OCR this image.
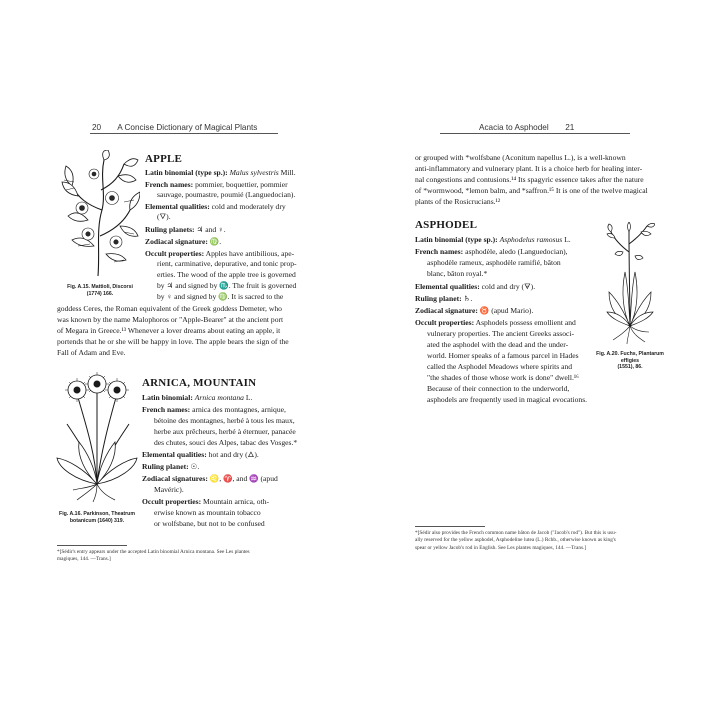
20 A Concise Dictionary of Magical Plants
Fig. A.15. Mattioli, Discorsi
(1774) 166.
APPLE
Latin binomial (type sp.): Malus sylvestris Mill.
French names: pommier, boquettier, pommier
sauvage, poumastre, poumié (Languedocian).
Elemental qualities: cold and moderately dry
(🜄).
Ruling planets: ♃ and ♀.
Zodiacal signature: ♍.
Occult properties: Apples have antibilious, ape-
rient, carminative, depurative, and tonic prop-
erties. The wood of the apple tree is governed
by ♃ and signed by ♏. The fruit is governed
by ♀ and signed by ♍. It is sacred to the
goddess Ceres, the Roman equivalent of the Greek goddess Demeter, who
was known by the name Malophoros or "Apple-Bearer" at the ancient port
of Megara in Greece.¹³ Whenever a lover dreams about eating an apple, it
portends that he or she will be happy in love. The apple bears the sign of the
Fall of Adam and Eve.
Fig. A.16. Parkinson, Theatrum
botanicum (1640) 319.
ARNICA, MOUNTAIN
Latin binomial: Arnica montana L.
French names: arnica des montagnes, arnique,
bétoine des montagnes, herbé à tous les maux,
herbe aux prêcheurs, herbé à éternuer, panacée
des chutes, souci des Alpes, tabac des Vosges.*
Elemental qualities: hot and dry (🜂).
Ruling planet: ☉.
Zodiacal signatures: ♌, ♈, and ♒ (apud
Mavéric).
Occult properties: Mountain arnica, oth-
erwise known as mountain tobacco
or wolfsbane, but not to be confused
*[Sédir's entry appears under the accepted Latin binomial Arnica montana. See Les plantes
magiques, 144. —Trans.]
Acacia to Asphodel 21
or grouped with *wolfsbane (Aconitum napellus L.), is a well-known
anti-inflammatory and vulnerary plant. It is a choice herb for healing inter-
nal congestions and contusions.¹⁴ Its spagyric essence takes after the nature
of *wormwood, *lemon balm, and *saffron.¹⁵ It is one of the twelve magical
plants of the Rosicrucians.¹²
ASPHODEL
Latin binomial (type sp.): Asphodelus ramosus L.
French names: asphodèle, aledo (Languedocian),
asphodèle rameux, asphodèle ramifié, bâton
blanc, bâton royal.*
Elemental qualities: cold and dry (🜃).
Ruling planet: ♄.
Zodiacal signature: ♉ (apud Mario).
Occult properties: Asphodels possess emollient and
vulnerary properties. The ancient Greeks associ-
ated the asphodel with the dead and the under-
world. Homer speaks of a famous parcel in Hades
called the Asphodel Meadows where spirits and
"the shades of those whose work is done" dwell.¹⁶
Because of their connection to the underworld,
asphodels are frequently used in magical evocations.
Fig. A.20. Fuchs, Plantarum
effigies
(1551), 86.
*[Sédir also provides the French common name bâton de Jacob ("Jacob's rod"). But this is usu-
ally reserved for the yellow asphodel, Asphodeline lutea (L.) Rchb., otherwise known as king's
spear or yellow Jacob's rod in English. See Les plantes magiques, 144. —Trans.]
